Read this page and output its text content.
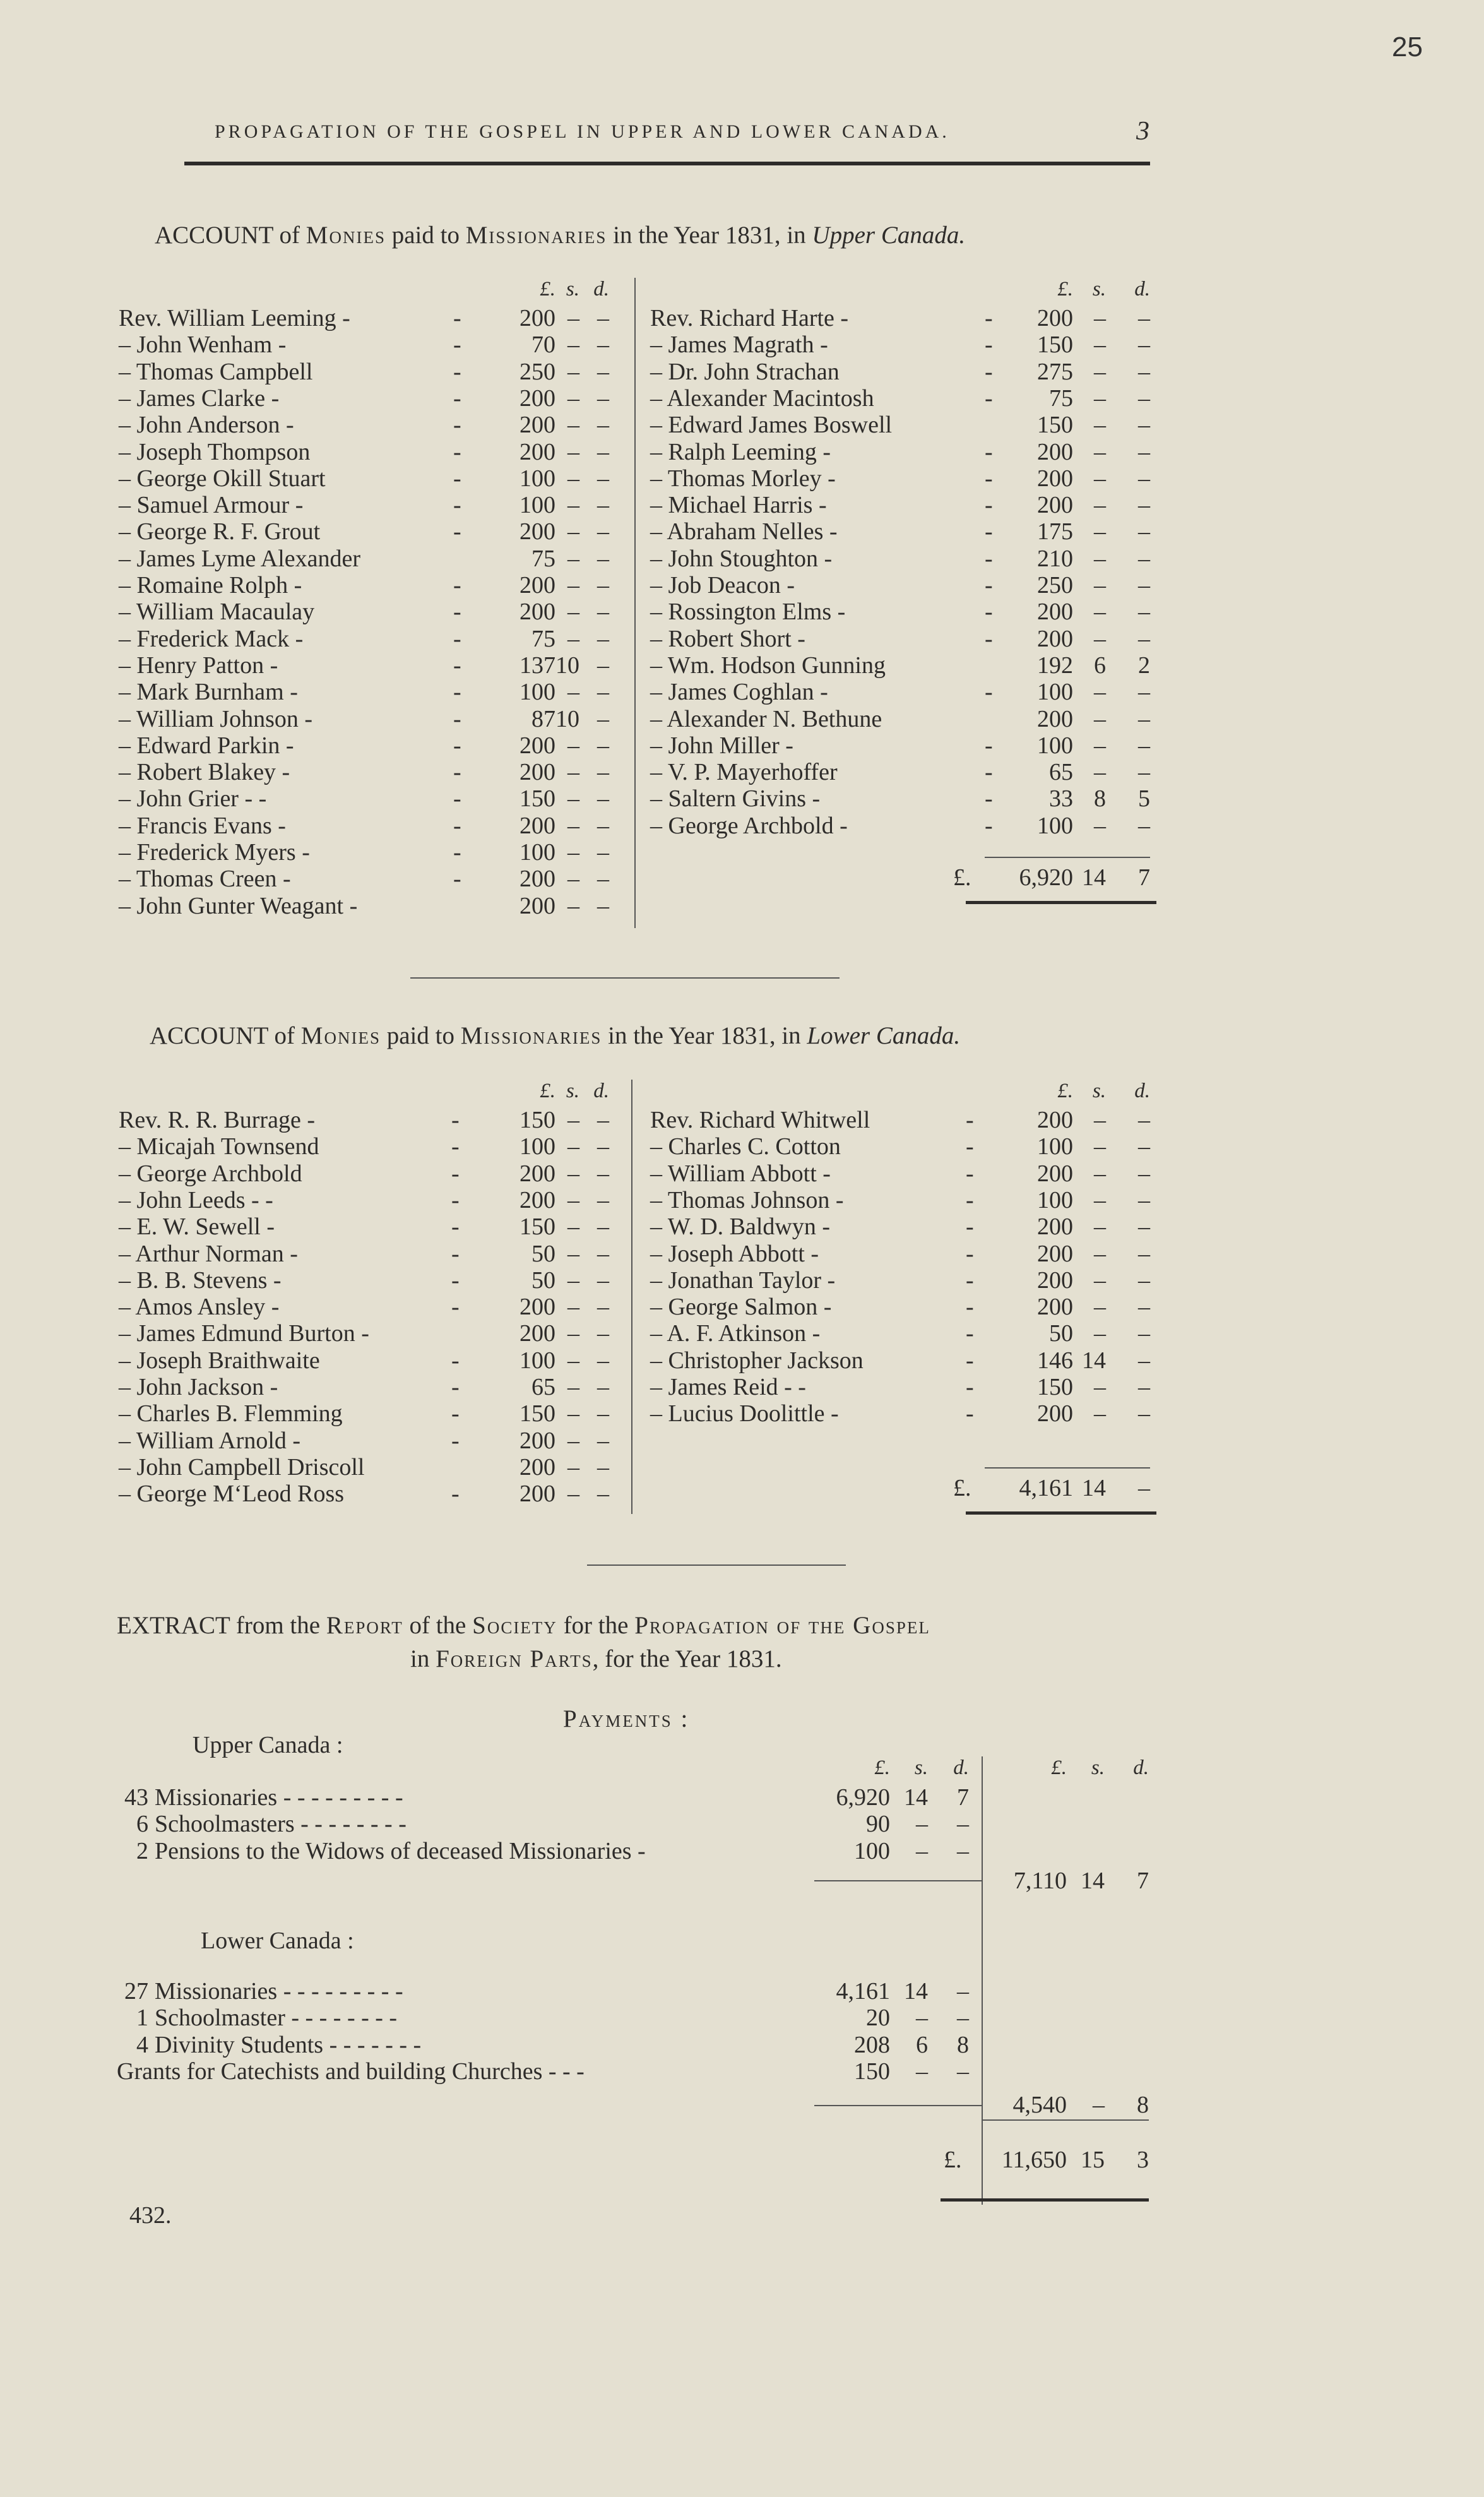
25
PROPAGATION OF THE GOSPEL IN UPPER AND LOWER CANADA.	3
ACCOUNT of Monies paid to Missionaries in the Year 1831, in Upper Canada.
ACCOUNT of Monies paid to Missionaries in the Year 1831, in Lower Canada.
EXTRACT from the Report of the Society for the Propagation of the Gospel
in Foreign Parts, for the Year 1831.
Payments :
432.
£. s. d.	£. s.	d.
Rev. William Leeming -	-	200 – –
– John Wenham -	-	70 – –
– Thomas Campbell	-	250 – –
– James Clarke -	-	200 – –
– John Anderson -	-	200 – –
– Joseph Thompson	-	200 – –
– George Okill Stuart	-	100 – –
– Samuel Armour -	-	100 – –
– George R. F. Grout	-	200 – –
– James Lyme Alexander	75 – –
– Romaine Rolph -	-	200 – –
– William Macaulay	-	200 – –
– Frederick Mack -	-	75 – –
– Henry Patton -	-	137 10 –
– Mark Burnham -	-	100 – –
– William Johnson -	-	87 10 –
– Edward Parkin -	-	200 – –
– Robert Blakey -	-	200 – –
– John Grier - -	-	150 – –
– Francis Evans -	-	200 – –
– Frederick Myers -	-	100 – –
– Thomas Creen -	-	200 – –
– John Gunter Weagant -	200 – –
Rev. Richard Harte -	-	200 –	–
– James Magrath -	-	150 –	–
– Dr. John Strachan	-	275 –	–
– Alexander Macintosh	-	75 –	–
– Edward James Boswell	150 –	–
– Ralph Leeming -	-	200 –	–
– Thomas Morley -	-	200 –	–
– Michael Harris -	-	200 –	–
– Abraham Nelles -	-	175 –	–
– John Stoughton -	-	210 –	–
– Job Deacon -	-	250 –	–
– Rossington Elms -	-	200 –	–
– Robert Short -	-	200 –	–
– Wm. Hodson Gunning	192 6	2
– James Coghlan -	-	100 –	–
– Alexander N. Bethune	200 –	–
– John Miller -	-	100 –	–
– V. P. Mayerhoffer	-	65 –	–
– Saltern Givins -	-	33 8	5
– George Archbold -	-	100 –	–
£.	6,920 14	7
£. s. d.	£. s.	d.
Rev. R. R. Burrage -	-	150 – –
– Micajah Townsend	-	100 – –
– George Archbold	-	200 – –
– John Leeds - -	-	200 – –
– E. W. Sewell -	-	150 – –
– Arthur Norman -	-	50 – –
– B. B. Stevens -	-	50 – –
– Amos Ansley -	-	200 – –
– James Edmund Burton -	200 – –
– Joseph Braithwaite	-	100 – –
– John Jackson -	-	65 – –
– Charles B. Flemming	-	150 – –
– William Arnold -	-	200 – –
– John Campbell Driscoll	200 – –
– George M‘Leod Ross	-	200 – –
Rev. Richard Whitwell	-	200 –	–
– Charles C. Cotton	-	100 –	–
– William Abbott -	-	200 –	–
– Thomas Johnson -	-	100 –	–
– W. D. Baldwyn -	-	200 –	–
– Joseph Abbott -	-	200 –	–
– Jonathan Taylor -	-	200 –	–
– George Salmon -	-	200 –	–
– A. F. Atkinson -	-	50 –	–
– Christopher Jackson	-	146 14	–
– James Reid - -	-	150 –	–
– Lucius Doolittle -	-	200 –	–
£.	4,161 14	–
Upper Canada :
Lower Canada :
£.	s.	d.	£.	s.	d.
43 Missionaries - - - - - - - - -	6,920 14	7
6 Schoolmasters - - - - - - - -	90	–	–
2 Pensions to the Widows of deceased Missionaries -	100	–	–
27 Missionaries - - - - - - - - -	4,161 14	–
1 Schoolmaster - - - - - - - -	20	–	–
4 Divinity Students - - - - - - -	208	6	8
Grants for Catechists and building Churches - - -	150	–	–
7,110 14	7
4,540	–	8
£.	11,650 15	3
